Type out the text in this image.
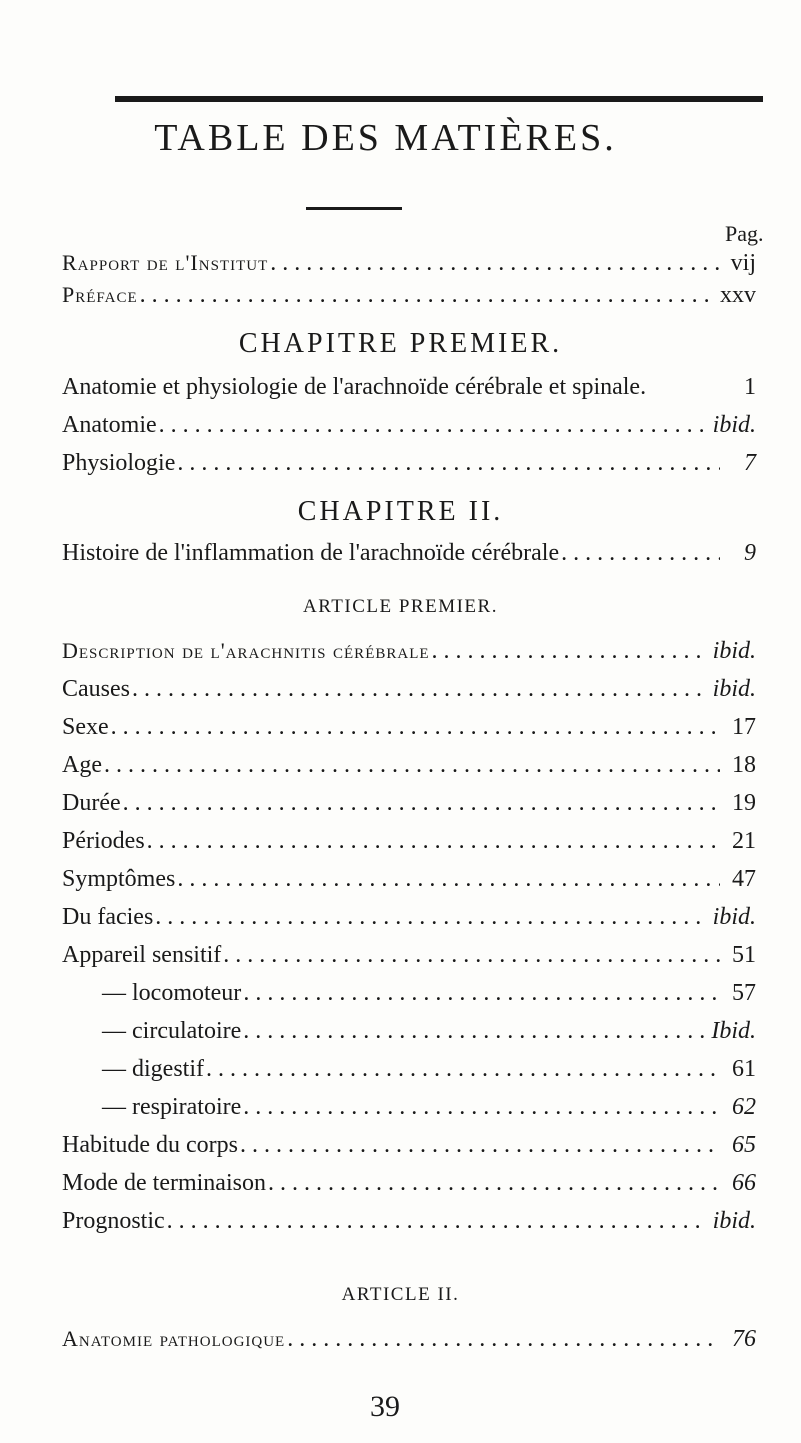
TABLE DES MATIÈRES.
Pag.
Rapport de l'Institut . . .	vij
Préface . . .	xxv
CHAPITRE PREMIER.
Anatomie et physiologie de l'arachnoïde cérébrale et spinale.	1
Anatomie . . .	ibid.
Physiologie . . .	7
CHAPITRE II.
Histoire de l'inflammation de l'arachnoïde cérébrale . . .	9
ARTICLE PREMIER.
Description de l'arachnitis cérébrale . . .	ibid.
Causes . . .	ibid.
Sexe . . .	17
Age . . .	18
Durée . . .	19
Périodes . . .	21
Symptômes . . .	47
Du facies . . .	ibid.
Appareil sensitif . . .	51
— locomoteur . . .	57
— circulatoire . . .	Ibid.
— digestif . . .	61
— respiratoire . . .	62
Habitude du corps . . .	65
Mode de terminaison . . .	66
Prognostic . . .	ibid.
ARTICLE II.
Anatomie pathologique . . .	76
39
